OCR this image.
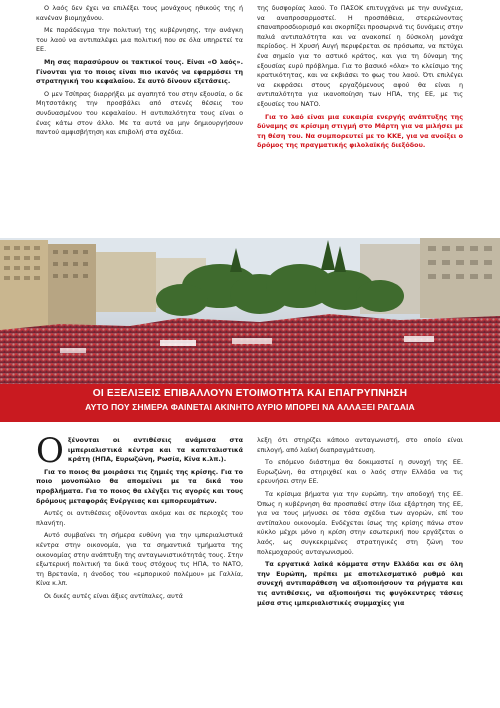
Ο λαός δεν έχει να επιλέξει τους μονάχους ηθικούς της ή κανέναν βιομηχάνου.

Με παράδειγμα την πολιτική της κυβέρνησης, την ανάγκη του λαού να αντιπαλέψει μια πολιτική που σε όλα υπηρετεί τα ΕΕ.

Μη σας παρασύρουν οι τακτικοί τους. Είναι «Ο λαός». Γίνονται για το ποιος είναι πιο ικανός να εφαρμόσει τη στρατηγική του κεφαλαίου. Σε αυτό δίνουν εξετάσεις.

Ο μεν Τσίπρας διαρρήξει με αγαπητό του στην εξουσία, ο δε Μητσοτάκης την προσβάλει από στενές θέσεις του συνδυασμένου του κεφαλαίου. Η αντιπαλότητα τους είναι ο ένας κάτω στον άλλο. Με τα αυτά να μην δημιουργήσουν παντού αμφισβήτηση και επιβολή στα σχέδια.

της δυσφορίας λαού. Το ΠΑΣΟΚ επιτυγχάνει με την συνέχεια, να αναπροσαρμοστεί. Η προσπάθεια, στερεώνοντας επαναπροσδιορισμό και σκορπίζει προσωρινά τις δυνάμεις στην παλιά αντιπαλότητα και να ανακοπεί η δύσκολη μονάχα περίοδος. Η Χρυσή Αυγή περιφέρεται σε πρόσωπα, να πετύχει ένα σημείο για το αστικό κράτος, και για τη δύναμη της εξουσίας ευρύ πρόβλημα. Για το βασικό «όλα» το κλείσιμο της κρατικότητας, και να εκβιάσει το φως του λαού. Ότι επιλέγει να εκφράσει στους εργαζόμενους αφού θα είναι η αντιπαλότητα για ικανοποίηση των ΗΠΑ, της ΕΕ, με τις εξουσίες του ΝΑΤΟ.

Για το λαό είναι μια ευκαιρία ενεργής ανάπτυξης της δύναμης σε κρίσιμη στιγμή στο Μάρτη για να μιλήσει με τη θέση του. Να συμπορευτεί με το ΚΚΕ, για να ανοίξει ο δρόμος της πραγματικής φιλολαϊκής διεξόδου.

ΟΙ ΕΞΕΛΙΞΕΙΣ ΕΠΙΒΑΛΛΟΥΝ ΕΤΟΙΜΟΤΗΤΑ ΚΑΙ ΕΠΑΓΡΥΠΝΗΣΗ
ΑΥΤΟ ΠΟΥ ΣΗΜΕΡΑ ΦΑΙΝΕΤΑΙ ΑΚΙΝΗΤΟ ΑΥΡΙΟ ΜΠΟΡΕΙ ΝΑ ΑΛΛΑΞΕΙ ΡΑΓΔΑΙΑ

Ο ξένονται οι αντιθέσεις ανάμεσα στα ιμπεριαλιστικά κέντρα και τα καπιταλιστικά κράτη (ΗΠΑ, Ευρωζώνη, Ρωσία, Κίνα κ.λπ.).

Για το ποιος θα μοιράσει τις ζημιές της κρίσης. Για το ποιο μονοπώλιο θα απομείνει με τα δικά του προβλήματα. Για το ποιος θα ελέγξει τις αγορές και τους δρόμους μεταφοράς Ενέργειας και εμπορευμάτων.

Αυτές οι αντιθέσεις οξύνονται ακόμα και σε περιοχές του πλανήτη.

Αυτό συμβαίνει τη σήμερα ευθύνη για την ιμπεριαλιστικά κέντρα στην οικονομία, για τα σημαντικά τμήματα της οικονομίας στην ανάπτυξη της ανταγωνιστικότητάς τους. Στην εξωτερική πολιτική τα δικά τους στόχους τις ΗΠΑ, το ΝΑΤΟ, τη Βρετανία, η άνοδος του «εμπορικού πολέμου» με Γαλλία, Κίνα κ.λπ.

Οι δικές αυτές είναι άξιες αντίπαλες, αυτά

λεξη ότι στηρίζει κάποιο ανταγωνιστή, στο οποίο είναι επιλογή, από λαϊκή διαπραγμάτευση.

Το επόμενο διάστημα θα δοκιμαστεί η συνοχή της ΕΕ. Ευρωζώνη, θα στηριχθεί και ο λαός στην Ελλάδα να τις ερευνήσει στην ΕΕ.

Τα κρίσιμα βήματα για την ευρώπη, την αποδοχή της ΕΕ. Όπως η κυβέρνηση θα προσπαθεί στην ίδια εξάρτηση της ΕΕ, για να τους μήνυσει σε τόσα σχέδια των αγορών, επί του αντίπαλου οικονομία. Ενδέχεται ίσως της κρίσης πάνω στον κύκλο μέχρι μόνο η κρίση στην εσωτερική που εργάζεται ο λαός, ως συγκεκριμένες στρατηγικές στη ζώνη του πολεμοχαρούς ανταγωνισμού.

Τα εργατικά λαϊκά κόμματα στην Ελλάδα και σε όλη την Ευρώπη, πρέπει με αποτελεσματικό ρυθμό και συνεχή αντιπαράθεση να αξιοποιήσουν τα ρήγματα και τις αντιθέσεις, να αξιοποιήσει τις φυγόκεντρες τάσεις μέσα στις ιμπεριαλιστικές συμμαχίες για
